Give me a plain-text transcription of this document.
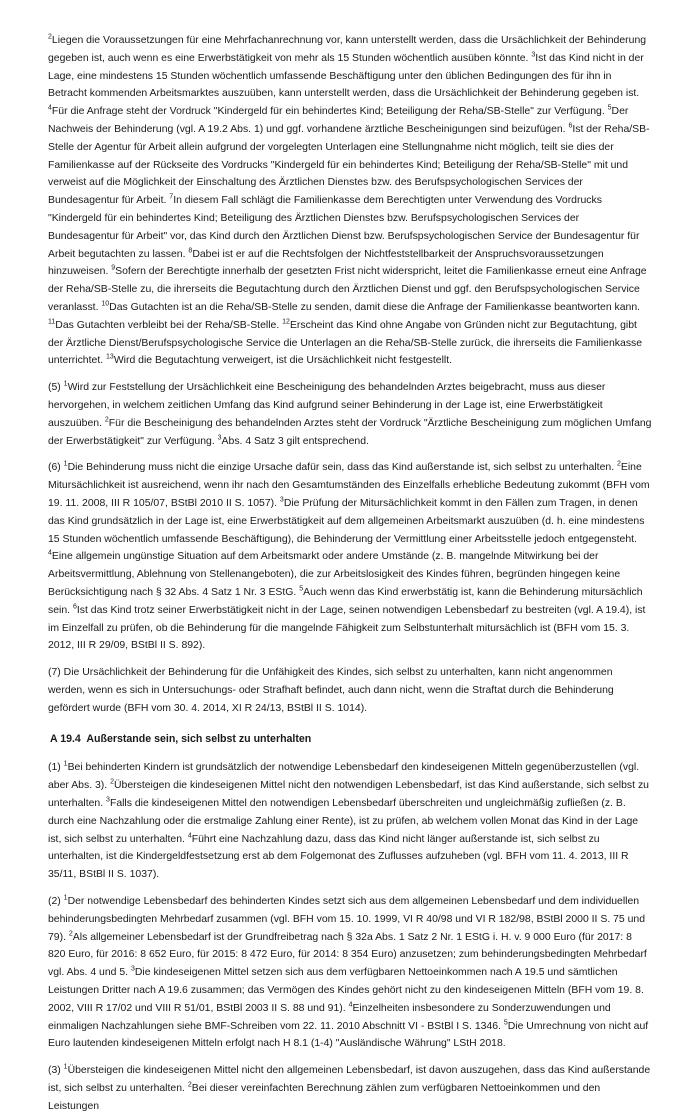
$^2$Liegen die Voraussetzungen für eine Mehrfachanrechnung vor, kann unterstellt werden, dass die Ursächlichkeit der Behinderung gegeben ist, auch wenn es eine Erwerbstätigkeit von mehr als 15 Stunden wöchentlich ausüben könnte. $^3$Ist das Kind nicht in der Lage, eine mindestens 15 Stunden wöchentlich umfassende Beschäftigung unter den üblichen Bedingungen des für ihn in Betracht kommenden Arbeitsmarktes auszuüben, kann unterstellt werden, dass die Ursächlichkeit der Behinderung gegeben ist. $^4$Für die Anfrage steht der Vordruck "Kindergeld für ein behindertes Kind; Beteiligung der Reha/SB-Stelle" zur Verfügung. $^5$Der Nachweis der Behinderung (vgl. A 19.2 Abs. 1) und ggf. vorhandene ärztliche Bescheinigungen sind beizufügen. $^6$Ist der Reha/SB-Stelle der Agentur für Arbeit allein aufgrund der vorgelegten Unterlagen eine Stellungnahme nicht möglich, teilt sie dies der Familienkasse auf der Rückseite des Vordrucks "Kindergeld für ein behindertes Kind; Beteiligung der Reha/SB-Stelle" mit und verweist auf die Möglichkeit der Einschaltung des Ärztlichen Dienstes bzw. des Berufspsychologischen Services der Bundesagentur für Arbeit. $^7$In diesem Fall schlägt die Familienkasse dem Berechtigten unter Verwendung des Vordrucks "Kindergeld für ein behindertes Kind; Beteiligung des Ärztlichen Dienstes bzw. Berufspsychologischen Services der Bundesagentur für Arbeit" vor, das Kind durch den Ärztlichen Dienst bzw. Berufspsychologischen Service der Bundesagentur für Arbeit begutachten zu lassen. $^8$Dabei ist er auf die Rechtsfolgen der Nichtfeststellbarkeit der Anspruchsvoraussetzungen hinzuweisen. $^9$Sofern der Berechtigte innerhalb der gesetzten Frist nicht widerspricht, leitet die Familienkasse erneut eine Anfrage der Reha/SB-Stelle zu, die ihrerseits die Begutachtung durch den Ärztlichen Dienst und ggf. den Berufspsychologischen Service veranlasst. $^{10}$Das Gutachten ist an die Reha/SB-Stelle zu senden, damit diese die Anfrage der Familienkasse beantworten kann. $^{11}$Das Gutachten verbleibt bei der Reha/SB-Stelle. $^{12}$Erscheint das Kind ohne Angabe von Gründen nicht zur Begutachtung, gibt der Ärztliche Dienst/Berufspsychologische Service die Unterlagen an die Reha/SB-Stelle zurück, die ihrerseits die Familienkasse unterrichtet. $^{13}$Wird die Begutachtung verweigert, ist die Ursächlichkeit nicht festgestellt.

(5) $^1$Wird zur Feststellung der Ursächlichkeit eine Bescheinigung des behandelnden Arztes beigebracht, muss aus dieser hervorgehen, in welchem zeitlichen Umfang das Kind aufgrund seiner Behinderung in der Lage ist, eine Erwerbstätigkeit auszuüben. $^2$Für die Bescheinigung des behandelnden Arztes steht der Vordruck "Ärztliche Bescheinigung zum möglichen Umfang der Erwerbstätigkeit" zur Verfügung. $^3$Abs. 4 Satz 3 gilt entsprechend.

(6) $^1$Die Behinderung muss nicht die einzige Ursache dafür sein, dass das Kind außerstande ist, sich selbst zu unterhalten. $^2$Eine Mitursächlichkeit ist ausreichend, wenn ihr nach den Gesamtumständen des Einzelfalls erhebliche Bedeutung zukommt (BFH vom 19. 11. 2008, III R 105/07, BStBl 2010 II S. 1057). $^3$Die Prüfung der Mitursächlichkeit kommt in den Fällen zum Tragen, in denen das Kind grundsätzlich in der Lage ist, eine Erwerbstätigkeit auf dem allgemeinen Arbeitsmarkt auszuüben (d. h. eine mindestens 15 Stunden wöchentlich umfassende Beschäftigung), die Behinderung der Vermittlung einer Arbeitsstelle jedoch entgegensteht. $^4$Eine allgemein ungünstige Situation auf dem Arbeitsmarkt oder andere Umstände (z. B. mangelnde Mitwirkung bei der Arbeitsvermittlung, Ablehnung von Stellenangeboten), die zur Arbeitslosigkeit des Kindes führen, begründen hingegen keine Berücksichtigung nach § 32 Abs. 4 Satz 1 Nr. 3 EStG. $^5$Auch wenn das Kind erwerbstätig ist, kann die Behinderung mitursächlich sein. $^6$Ist das Kind trotz seiner Erwerbstätigkeit nicht in der Lage, seinen notwendigen Lebensbedarf zu bestreiten (vgl. A 19.4), ist im Einzelfall zu prüfen, ob die Behinderung für die mangelnde Fähigkeit zum Selbstunterhalt mitursächlich ist (BFH vom 15. 3. 2012, III R 29/09, BStBl II S. 892).

(7) Die Ursächlichkeit der Behinderung für die Unfähigkeit des Kindes, sich selbst zu unterhalten, kann nicht angenommen werden, wenn es sich in Untersuchungs- oder Strafhaft befindet, auch dann nicht, wenn die Straftat durch die Behinderung gefördert wurde (BFH vom 30. 4. 2014, XI R 24/13, BStBl II S. 1014).

A 19.4 Außerstande sein, sich selbst zu unterhalten

(1) $^1$Bei behinderten Kindern ist grundsätzlich der notwendige Lebensbedarf den kindeseigenen Mitteln gegenüberzustellen (vgl. aber Abs. 3). $^2$Übersteigen die kindeseigenen Mittel nicht den notwendigen Lebensbedarf, ist das Kind außerstande, sich selbst zu unterhalten. $^3$Falls die kindeseigenen Mittel den notwendigen Lebensbedarf überschreiten und ungleichmäßig zufließen (z. B. durch eine Nachzahlung oder die erstmalige Zahlung einer Rente), ist zu prüfen, ab welchem vollen Monat das Kind in der Lage ist, sich selbst zu unterhalten. $^4$Führt eine Nachzahlung dazu, dass das Kind nicht länger außerstande ist, sich selbst zu unterhalten, ist die Kindergeldfestsetzung erst ab dem Folgemonat des Zuflusses aufzuheben (vgl. BFH vom 11. 4. 2013, III R 35/11, BStBl II S. 1037).

(2) $^1$Der notwendige Lebensbedarf des behinderten Kindes setzt sich aus dem allgemeinen Lebensbedarf und dem individuellen behinderungsbedingten Mehrbedarf zusammen (vgl. BFH vom 15. 10. 1999, VI R 40/98 und VI R 182/98, BStBl 2000 II S. 75 und 79). $^2$Als allgemeiner Lebensbedarf ist der Grundfreibetrag nach § 32a Abs. 1 Satz 2 Nr. 1 EStG i. H. v. 9 000 Euro (für 2017: 8 820 Euro, für 2016: 8 652 Euro, für 2015: 8 472 Euro, für 2014: 8 354 Euro) anzusetzen; zum behinderungsbedingten Mehrbedarf vgl. Abs. 4 und 5. $^3$Die kindeseigenen Mittel setzen sich aus dem verfügbaren Nettoeinkommen nach A 19.5 und sämtlichen Leistungen Dritter nach A 19.6 zusammen; das Vermögen des Kindes gehört nicht zu den kindeseigenen Mitteln (BFH vom 19. 8. 2002, VIII R 17/02 und VIII R 51/01, BStBl 2003 II S. 88 und 91). $^4$Einzelheiten insbesondere zu Sonderzuwendungen und einmaligen Nachzahlungen siehe BMF-Schreiben vom 22. 11. 2010 Abschnitt VI - BStBl I S. 1346. $^5$Die Umrechnung von nicht auf Euro lautenden kindeseigenen Mitteln erfolgt nach H 8.1 (1-4) "Ausländische Währung" LStH 2018.

(3) $^1$Übersteigen die kindeseigenen Mittel nicht den allgemeinen Lebensbedarf, ist davon auszugehen, dass das Kind außerstande ist, sich selbst zu unterhalten. $^2$Bei dieser vereinfachten Berechnung zählen zum verfügbaren Nettoeinkommen und den Leistungen
